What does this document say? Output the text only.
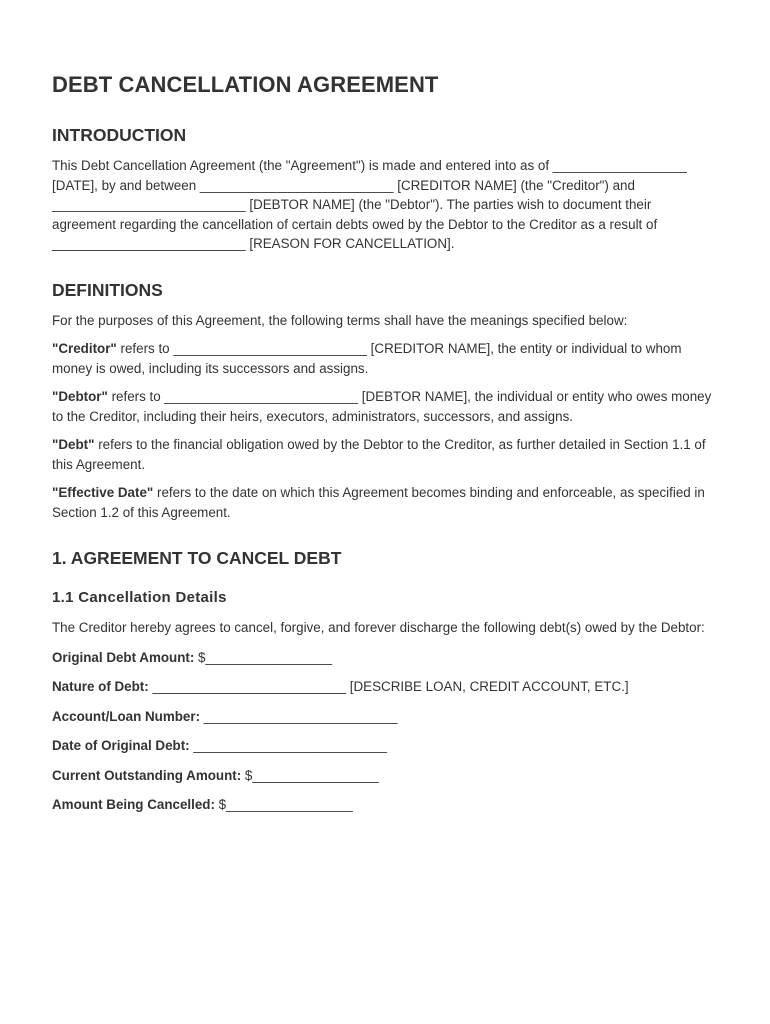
DEBT CANCELLATION AGREEMENT
INTRODUCTION

This Debt Cancellation Agreement (the "Agreement") is made and entered into as of __________________ [DATE], by and between __________________________ [CREDITOR NAME] (the "Creditor") and __________________________ [DEBTOR NAME] (the "Debtor"). The parties wish to document their agreement regarding the cancellation of certain debts owed by the Debtor to the Creditor as a result of __________________________ [REASON FOR CANCELLATION].

DEFINITIONS

For the purposes of this Agreement, the following terms shall have the meanings specified below:

"Creditor" refers to __________________________ [CREDITOR NAME], the entity or individual to whom money is owed, including its successors and assigns.

"Debtor" refers to __________________________ [DEBTOR NAME], the individual or entity who owes money to the Creditor, including their heirs, executors, administrators, successors, and assigns.

"Debt" refers to the financial obligation owed by the Debtor to the Creditor, as further detailed in Section 1.1 of this Agreement.

"Effective Date" refers to the date on which this Agreement becomes binding and enforceable, as specified in Section 1.2 of this Agreement.

1. AGREEMENT TO CANCEL DEBT
1.1 Cancellation Details

The Creditor hereby agrees to cancel, forgive, and forever discharge the following debt(s) owed by the Debtor:

Original Debt Amount: $_________________

Nature of Debt: __________________________ [DESCRIBE LOAN, CREDIT ACCOUNT, ETC.]

Account/Loan Number: __________________________

Date of Original Debt: __________________________

Current Outstanding Amount: $_________________

Amount Being Cancelled: $_________________
